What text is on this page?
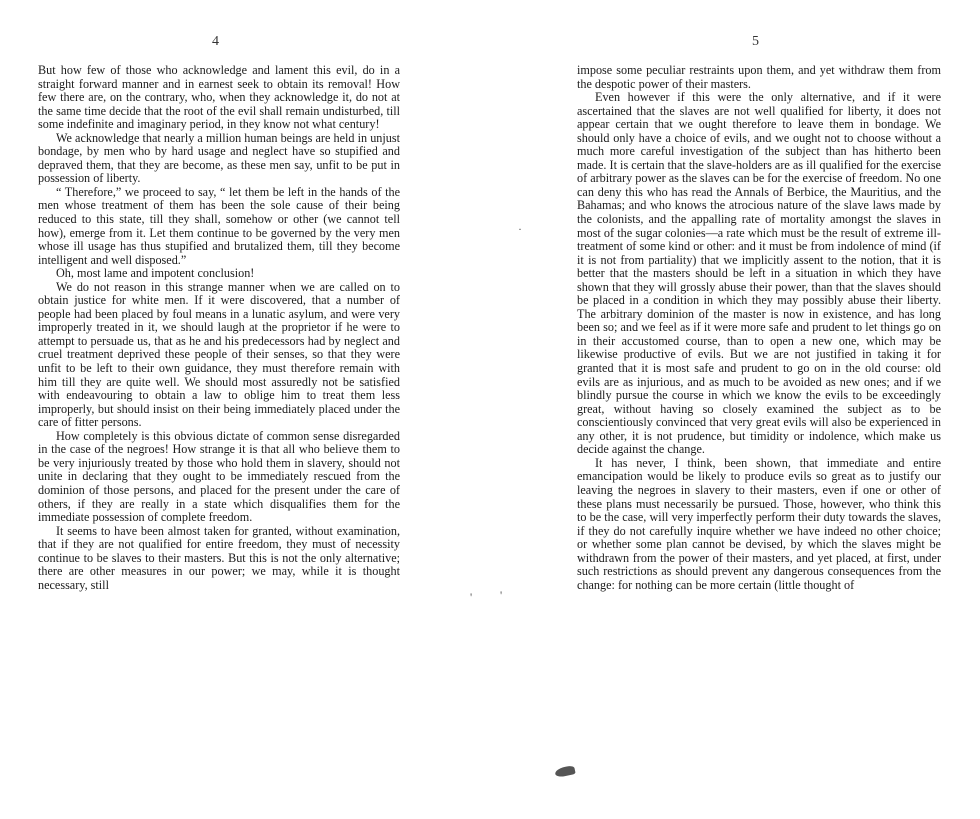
4	5

But how few of those who acknowledge and lament this evil, do in a straight forward manner and in earnest seek to obtain its removal! How few there are, on the contrary, who, when they acknowledge it, do not at the same time decide that the root of the evil shall remain undisturbed, till some indefinite and imaginary period, in they know not what century!

We acknowledge that nearly a million human beings are held in unjust bondage, by men who by hard usage and neglect have so stupified and depraved them, that they are become, as these men say, unfit to be put in possession of liberty.

“ Therefore,” we proceed to say, “ let them be left in the hands of the men whose treatment of them has been the sole cause of their being reduced to this state, till they shall, somehow or other (we cannot tell how), emerge from it. Let them continue to be governed by the very men whose ill usage has thus stupified and brutalized them, till they become intelligent and well disposed.”

Oh, most lame and impotent conclusion!

We do not reason in this strange manner when we are called on to obtain justice for white men. If it were discovered, that a number of people had been placed by foul means in a lunatic asylum, and were very improperly treated in it, we should laugh at the proprietor if he were to attempt to persuade us, that as he and his predecessors had by neglect and cruel treatment deprived these people of their senses, so that they were unfit to be left to their own guidance, they must therefore remain with him till they are quite well. We should most assuredly not be satisfied with endeavouring to obtain a law to oblige him to treat them less improperly, but should insist on their being immediately placed under the care of fitter persons.

How completely is this obvious dictate of common sense disregarded in the case of the negroes! How strange it is that all who believe them to be very injuriously treated by those who hold them in slavery, should not unite in declaring that they ought to be immediately rescued from the dominion of those persons, and placed for the present under the care of others, if they are really in a state which disqualifies them for the immediate possession of complete freedom.

It seems to have been almost taken for granted, without examination, that if they are not qualified for entire freedom, they must of necessity continue to be slaves to their masters. But this is not the only alternative; there are other measures in our power; we may, while it is thought necessary, still

impose some peculiar restraints upon them, and yet withdraw them from the despotic power of their masters.

Even however if this were the only alternative, and if it were ascertained that the slaves are not well qualified for liberty, it does not appear certain that we ought therefore to leave them in bondage. We should only have a choice of evils, and we ought not to choose without a much more careful investigation of the subject than has hitherto been made. It is certain that the slave-holders are as ill qualified for the exercise of arbitrary power as the slaves can be for the exercise of freedom. No one can deny this who has read the Annals of Berbice, the Mauritius, and the Bahamas; and who knows the atrocious nature of the slave laws made by the colonists, and the appalling rate of mortality amongst the slaves in most of the sugar colonies—a rate which must be the result of extreme ill-treatment of some kind or other: and it must be from indolence of mind (if it is not from partiality) that we implicitly assent to the notion, that it is better that the masters should be left in a situation in which they have shown that they will grossly abuse their power, than that the slaves should be placed in a condition in which they may possibly abuse their liberty. The arbitrary dominion of the master is now in existence, and has long been so; and we feel as if it were more safe and prudent to let things go on in their accustomed course, than to open a new one, which may be likewise productive of evils. But we are not justified in taking it for granted that it is most safe and prudent to go on in the old course: old evils are as injurious, and as much to be avoided as new ones; and if we blindly pursue the course in which we know the evils to be exceedingly great, without having so closely examined the subject as to be conscientiously convinced that very great evils will also be experienced in any other, it is not prudence, but timidity or indolence, which make us decide against the change.

It has never, I think, been shown, that immediate and entire emancipation would be likely to produce evils so great as to justify our leaving the negroes in slavery to their masters, even if one or other of these plans must necessarily be pursued. Those, however, who think this to be the case, will very imperfectly perform their duty towards the slaves, if they do not carefully inquire whether we have indeed no other choice; or whether some plan cannot be devised, by which the slaves might be withdrawn from the power of their masters, and yet placed, at first, under such restrictions as should prevent any dangerous consequences from the change: for nothing can be more certain (little thought of

' '
·
